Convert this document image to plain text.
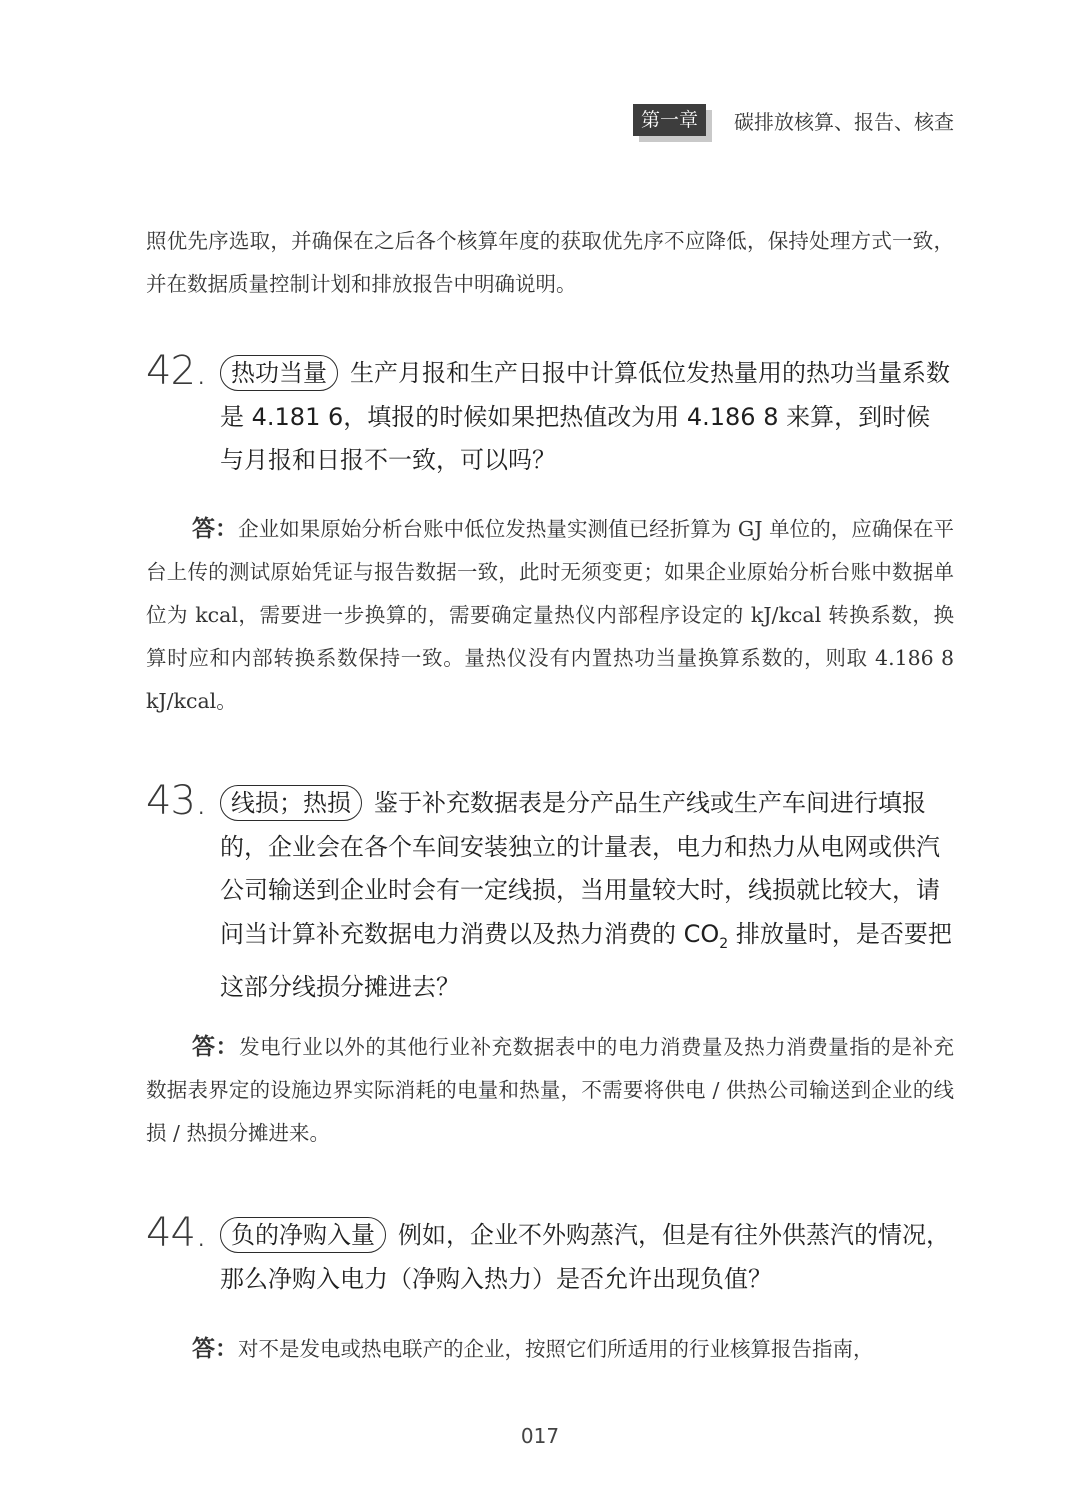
第一章	碳排放核算、报告、核查
照优先序选取，并确保在之后各个核算年度的获取优先序不应降低，保持处理方式一致，并在数据质量控制计划和排放报告中明确说明。
42.	热功当量 生产月报和生产日报中计算低位发热量用的热功当量系数是 4.181 6，填报的时候如果把热值改为用 4.186 8 来算，到时候与月报和日报不一致，可以吗？
答：企业如果原始分析台账中低位发热量实测值已经折算为 GJ 单位的，应确保在平台上传的测试原始凭证与报告数据一致，此时无须变更；如果企业原始分析台账中数据单位为 kcal，需要进一步换算的，需要确定量热仪内部程序设定的 kJ/kcal 转换系数，换算时应和内部转换系数保持一致。量热仪没有内置热功当量换算系数的，则取 4.186 8 kJ/kcal。
43.	线损；热损 鉴于补充数据表是分产品生产线或生产车间进行填报的，企业会在各个车间安装独立的计量表，电力和热力从电网或供汽公司输送到企业时会有一定线损，当用量较大时，线损就比较大，请问当计算补充数据电力消费以及热力消费的 $CO_2$ 排放量时，是否要把这部分线损分摊进去？
答：发电行业以外的其他行业补充数据表中的电力消费量及热力消费量指的是补充数据表界定的设施边界实际消耗的电量和热量，不需要将供电 / 供热公司输送到企业的线损 / 热损分摊进来。
44.	负的净购入量 例如，企业不外购蒸汽，但是有往外供蒸汽的情况，那么净购入电力（净购入热力）是否允许出现负值？
答：对不是发电或热电联产的企业，按照它们所适用的行业核算报告指南，
017
